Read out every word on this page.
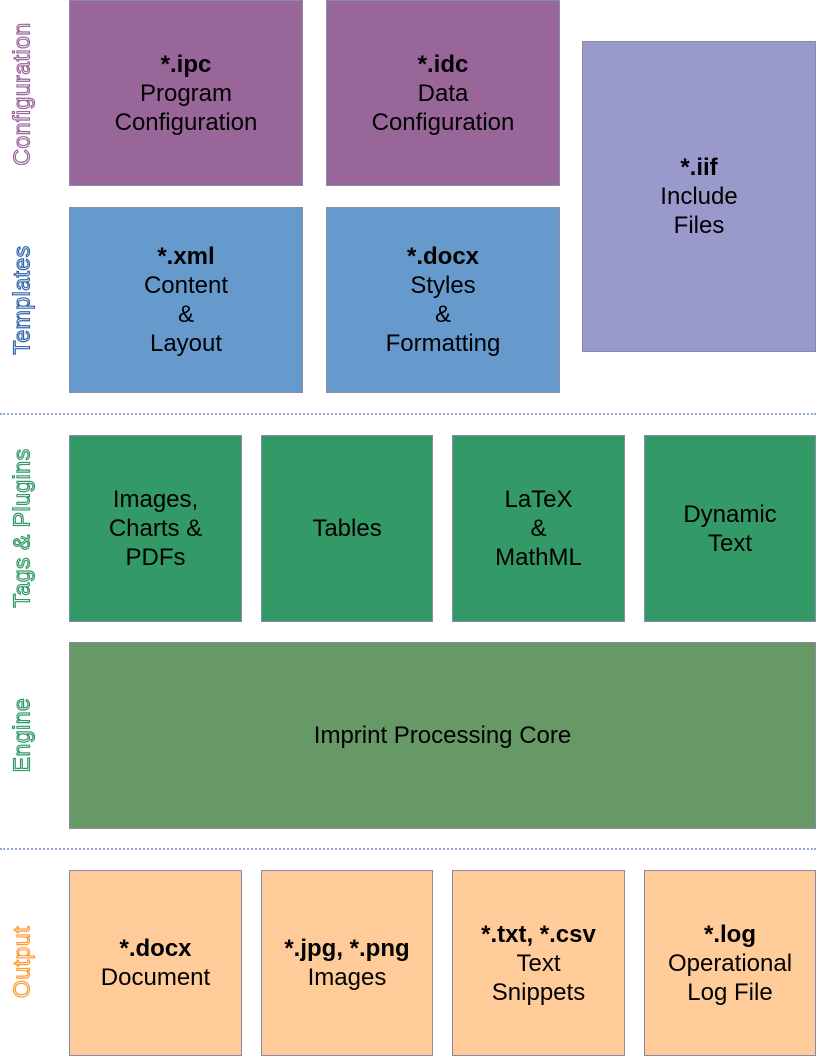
Configuration
Templates
Tags & Plugins
Engine
Output
*.ipc
Program
Configuration
*.idc
Data
Configuration
*.iif
Include
Files
*.xml
Content
&
Layout
*.docx
Styles
&
Formatting
Images,
Charts &
PDFs
Tables
LaTeX
&
MathML
Dynamic
Text
Imprint Processing Core
*.docx
Document
*.jpg, *.png
Images
*.txt, *.csv
Text
Snippets
*.log
Operational
Log File
